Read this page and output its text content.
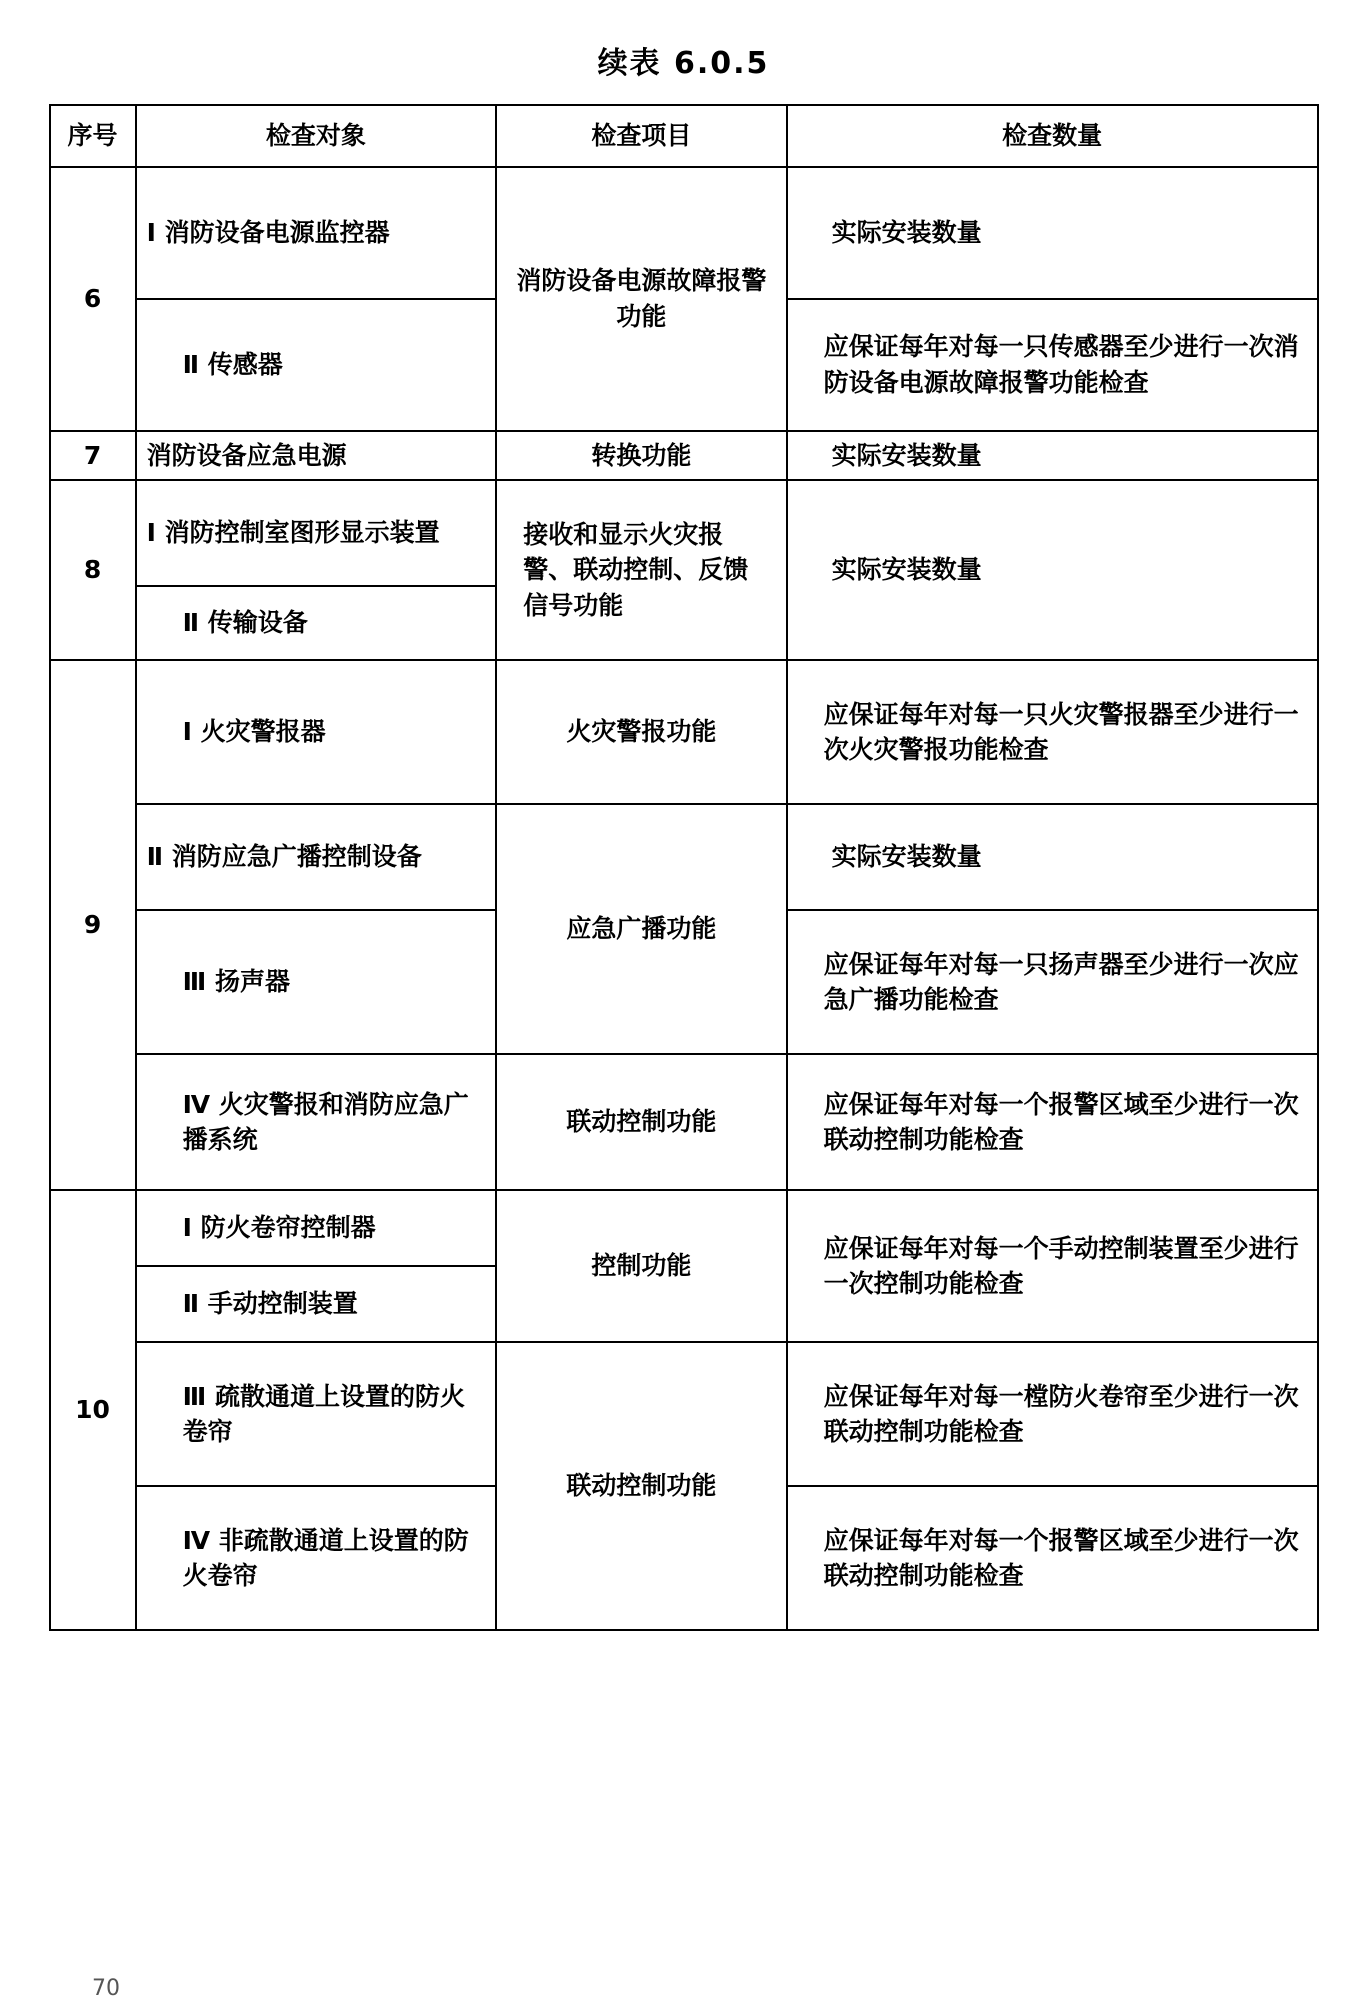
续表 6.0.5
序号	检查对象	检查项目	检查数量
6	Ⅰ 消防设备电源监控器	消防设备电源故障报警功能	实际安装数量
	Ⅱ 传感器		应保证每年对每一只传感器至少进行一次消防设备电源故障报警功能检查
7	消防设备应急电源	转换功能	实际安装数量
8	Ⅰ 消防控制室图形显示装置	接收和显示火灾报警、联动控制、反馈信号功能	实际安装数量
	Ⅱ 传输设备		
9	Ⅰ 火灾警报器	火灾警报功能	应保证每年对每一只火灾警报器至少进行一次火灾警报功能检查
	Ⅱ 消防应急广播控制设备	应急广播功能	实际安装数量
	Ⅲ 扬声器		应保证每年对每一只扬声器至少进行一次应急广播功能检查
	Ⅳ 火灾警报和消防应急广播系统	联动控制功能	应保证每年对每一个报警区域至少进行一次联动控制功能检查
10	Ⅰ 防火卷帘控制器	控制功能	应保证每年对每一个手动控制装置至少进行一次控制功能检查
	Ⅱ 手动控制装置		
	Ⅲ 疏散通道上设置的防火卷帘	联动控制功能	应保证每年对每一樘防火卷帘至少进行一次联动控制功能检查
	Ⅳ 非疏散通道上设置的防火卷帘		应保证每年对每一个报警区域至少进行一次联动控制功能检查
70
